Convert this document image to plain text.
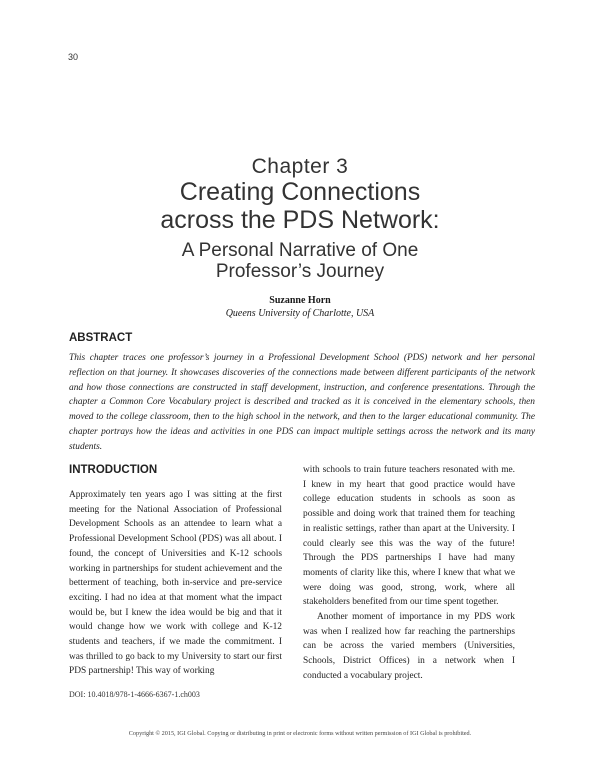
30
Chapter 3
Creating Connections
across the PDS Network:
A Personal Narrative of One
Professor’s Journey
Suzanne Horn
Queens University of Charlotte, USA
ABSTRACT
This chapter traces one professor’s journey in a Professional Development School (PDS) network and her personal reflection on that journey. It showcases discoveries of the connections made between different participants of the network and how those connections are constructed in staff development, instruction, and conference presentations. Through the chapter a Common Core Vocabulary project is described and tracked as it is conceived in the elementary schools, then moved to the college classroom, then to the high school in the network, and then to the larger educational community. The chapter portrays how the ideas and activities in one PDS can impact multiple settings across the network and its many students.
INTRODUCTION

Approximately ten years ago I was sitting at the first meeting for the National Association of Professional Development Schools as an attendee to learn what a Professional Development School (PDS) was all about. I found, the concept of Universities and K-12 schools working in partnerships for student achievement and the betterment of teaching, both in-service and pre-service exciting. I had no idea at that moment what the impact would be, but I knew the idea would be big and that it would change how we work with college and K-12 students and teachers, if we made the commitment. I was thrilled to go back to my University to start our first PDS partnership! This way of working

with schools to train future teachers resonated with me. I knew in my heart that good practice would have college education students in schools as soon as possible and doing work that trained them for teaching in realistic settings, rather than apart at the University. I could clearly see this was the way of the future! Through the PDS partnerships I have had many moments of clarity like this, where I knew that what we were doing was good, strong, work, where all stakeholders benefited from our time spent together.

Another moment of importance in my PDS work was when I realized how far reaching the partnerships can be across the varied members (Universities, Schools, District Offices) in a network when I conducted a vocabulary project.

DOI: 10.4018/978-1-4666-6367-1.ch003
Copyright © 2015, IGI Global. Copying or distributing in print or electronic forms without written permission of IGI Global is prohibited.
